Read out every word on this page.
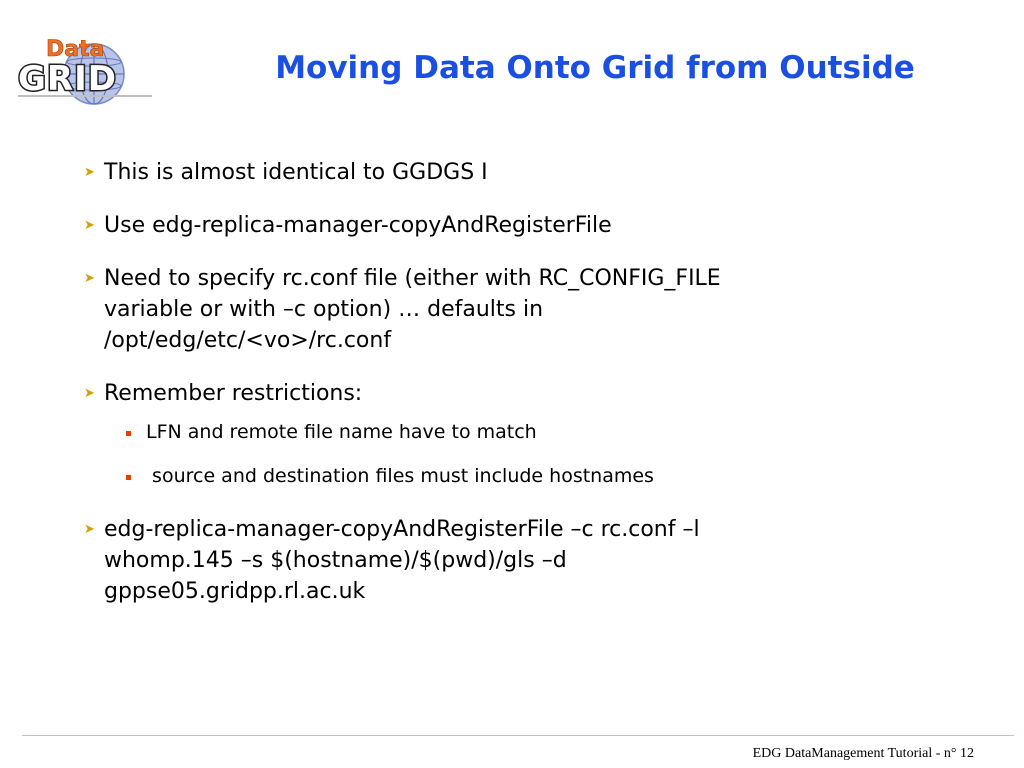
Data
GRID	Moving Data Onto Grid from Outside
➤ This is almost identical to GGDGS I
➤ Use edg-replica-manager-copyAndRegisterFile
➤ Need to specify rc.conf file (either with RC_CONFIG_FILE
variable or with –c option) … defaults in
/opt/edg/etc/<vo>/rc.conf
➤ Remember restrictions:
LFN and remote file name have to match
source and destination files must include hostnames
➤ edg-replica-manager-copyAndRegisterFile –c rc.conf –l
whomp.145 –s $(hostname)/$(pwd)/gls –d
gppse05.gridpp.rl.ac.uk
EDG DataManagement Tutorial - n° 12
